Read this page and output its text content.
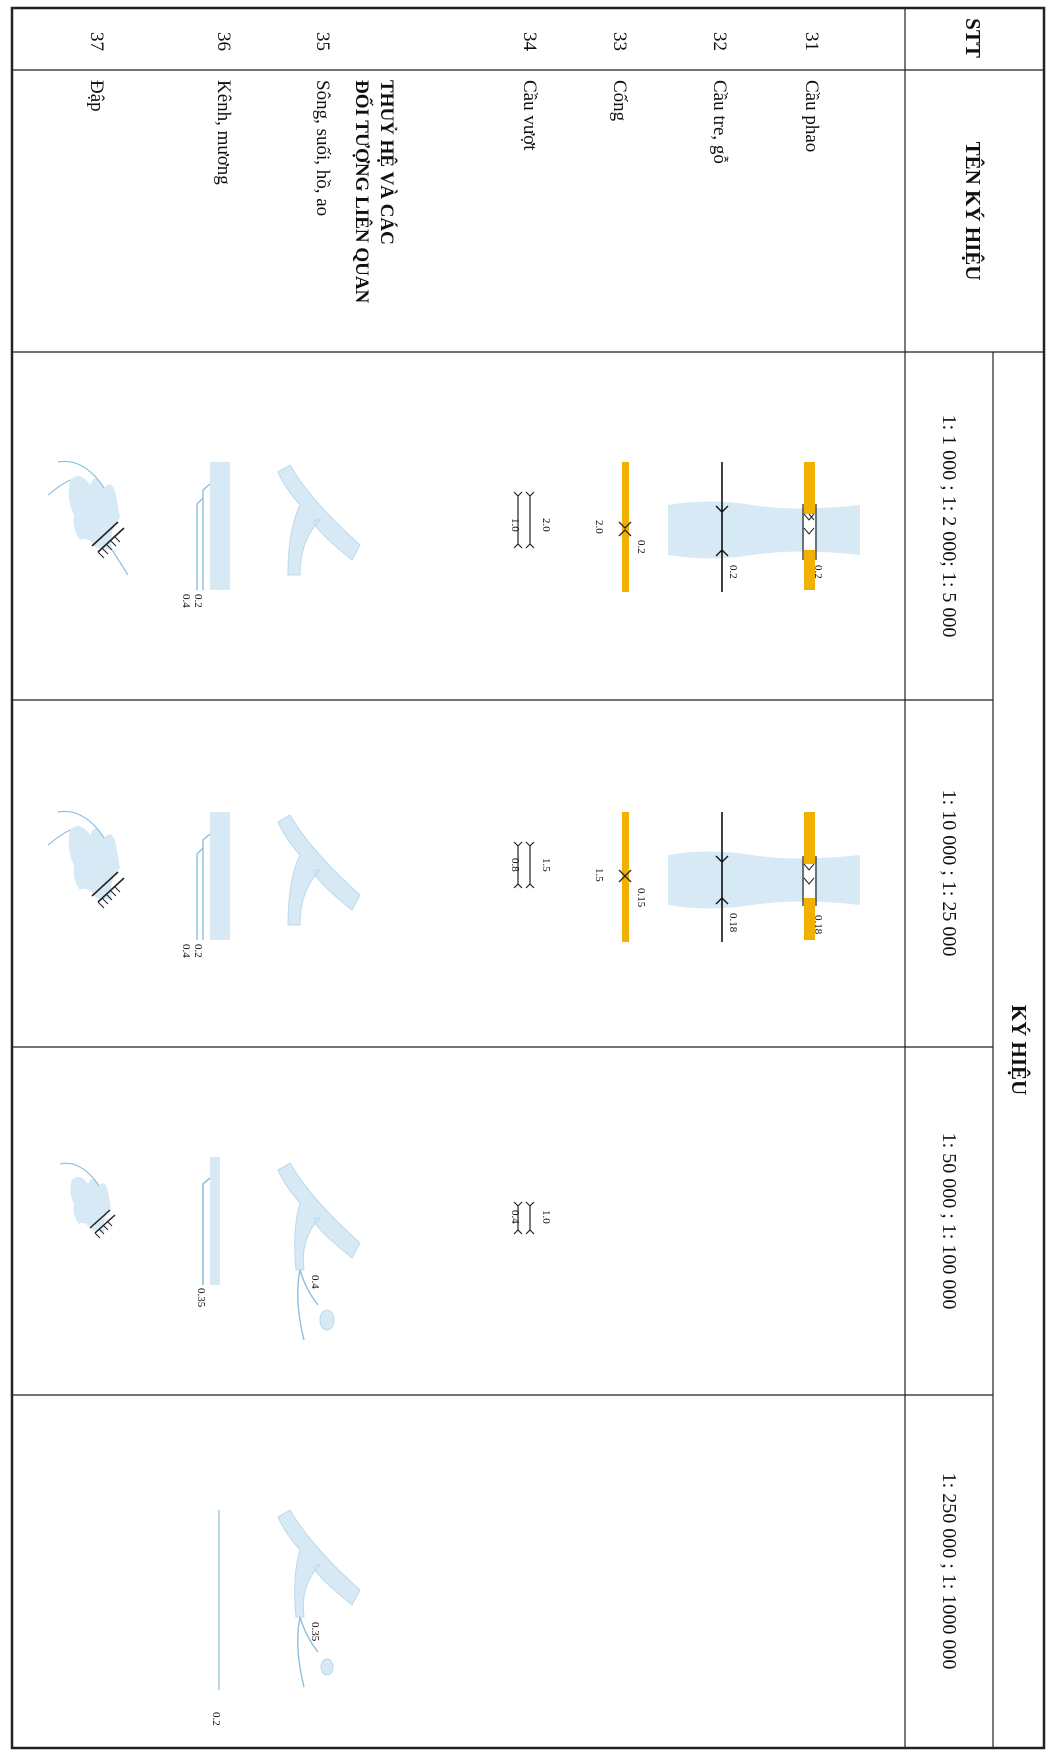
STT
TÊN KÝ HIỆU
KÝ HIỆU
1: 1 000 ; 1: 2 000; 1: 5 000
1: 10 000 ; 1: 25 000
1: 50 000 ; 1: 100 000
1: 250 000 ; 1: 1000 000
31
32
33
34
35
36
37
Cầu phao
Cầu tre, gỗ
Cống
Cầu vượt
THUỶ HỆ VÀ CÁC
ĐỐI TƯỢNG LIÊN QUAN
Sông, suối, hồ, ao
Kênh, mương
Đập
0.2
0.18
0.2
0.18
2.0
0.2
1.5
0.15
2.0
1.0
1.5
0.8
1.0
0.4
0.4
0.35
0.4 0.2
0.4 0.2
0.35
0.2
